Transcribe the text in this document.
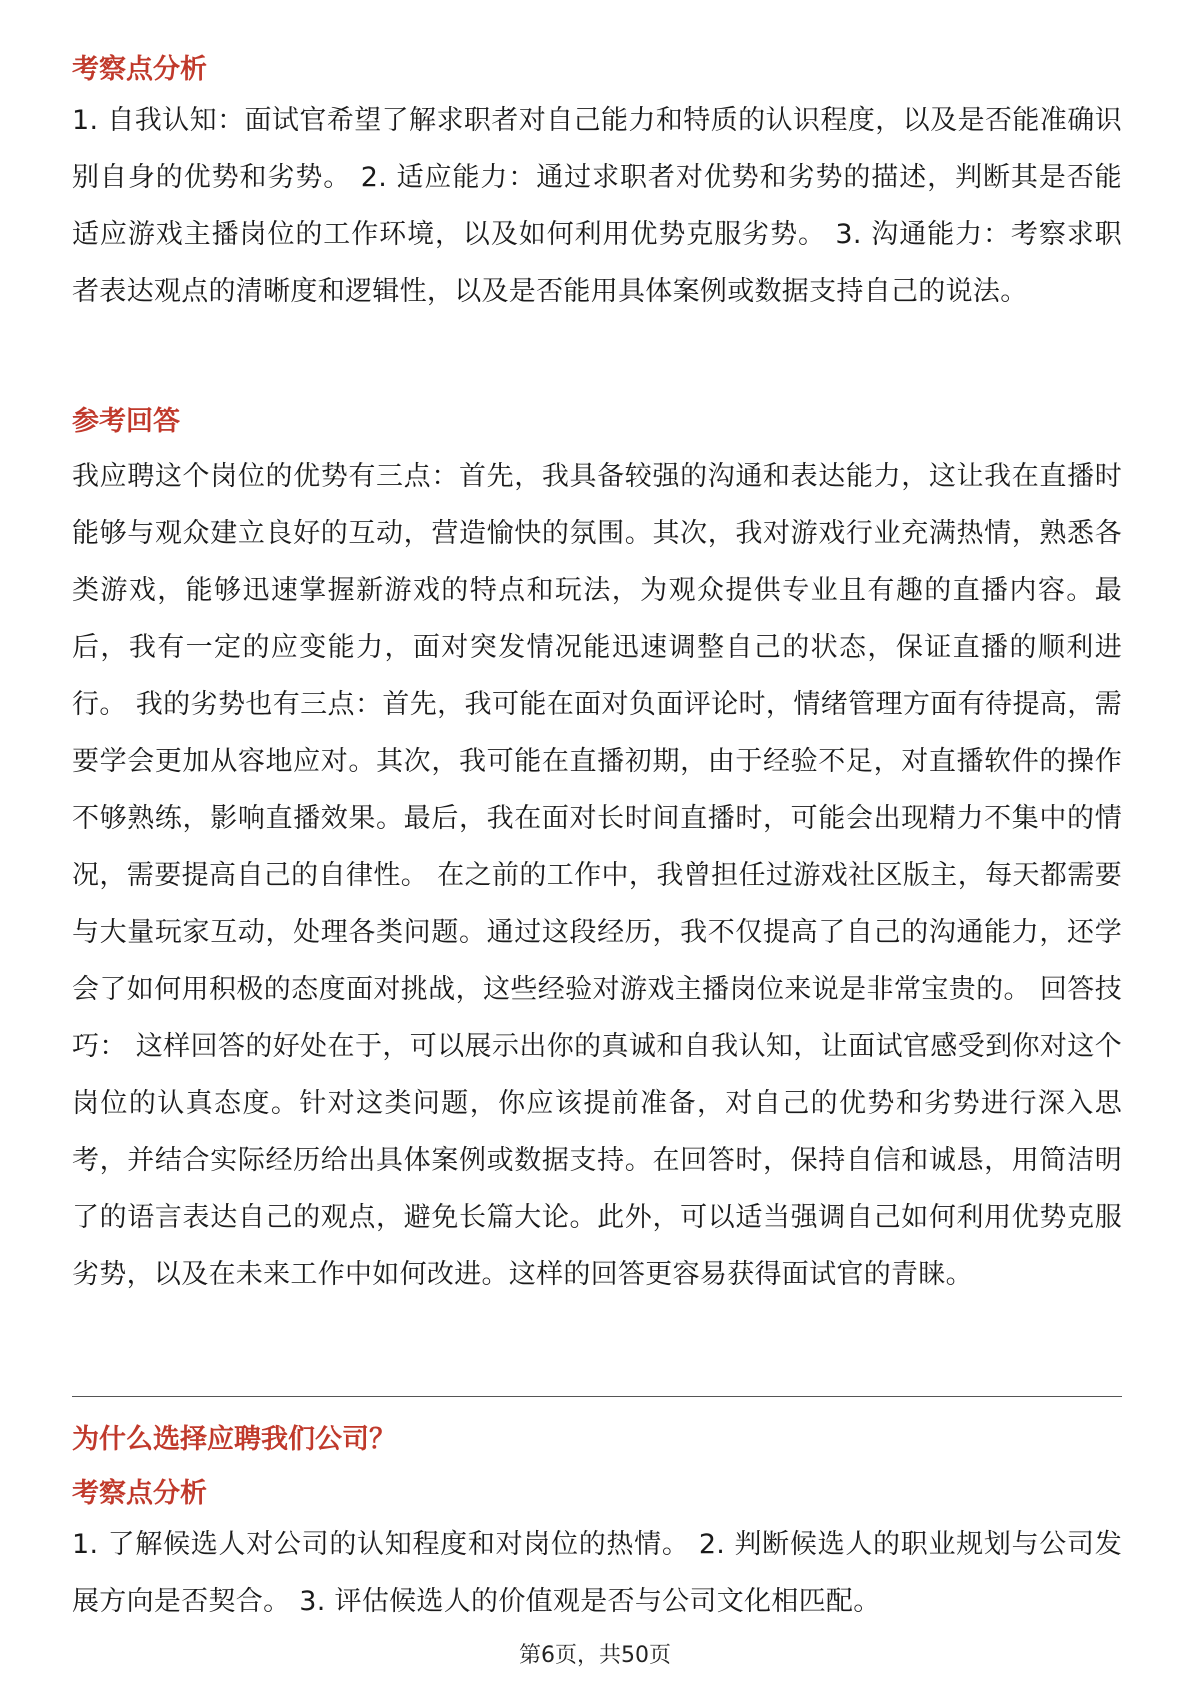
考察点分析

1. 自我认知：面试官希望了解求职者对自己能力和特质的认识程度，以及是否能准确识别自身的优势和劣势。 2. 适应能力：通过求职者对优势和劣势的描述，判断其是否能适应游戏主播岗位的工作环境，以及如何利用优势克服劣势。 3. 沟通能力：考察求职者表达观点的清晰度和逻辑性，以及是否能用具体案例或数据支持自己的说法。

参考回答

我应聘这个岗位的优势有三点：首先，我具备较强的沟通和表达能力，这让我在直播时能够与观众建立良好的互动，营造愉快的氛围。其次，我对游戏行业充满热情，熟悉各类游戏，能够迅速掌握新游戏的特点和玩法，为观众提供专业且有趣的直播内容。最后，我有一定的应变能力，面对突发情况能迅速调整自己的状态，保证直播的顺利进行。 我的劣势也有三点：首先，我可能在面对负面评论时，情绪管理方面有待提高，需要学会更加从容地应对。其次，我可能在直播初期，由于经验不足，对直播软件的操作不够熟练，影响直播效果。最后，我在面对长时间直播时，可能会出现精力不集中的情况，需要提高自己的自律性。 在之前的工作中，我曾担任过游戏社区版主，每天都需要与大量玩家互动，处理各类问题。通过这段经历，我不仅提高了自己的沟通能力，还学会了如何用积极的态度面对挑战，这些经验对游戏主播岗位来说是非常宝贵的。 回答技巧： 这样回答的好处在于，可以展示出你的真诚和自我认知，让面试官感受到你对这个岗位的认真态度。针对这类问题，你应该提前准备，对自己的优势和劣势进行深入思考，并结合实际经历给出具体案例或数据支持。在回答时，保持自信和诚恳，用简洁明了的语言表达自己的观点，避免长篇大论。此外，可以适当强调自己如何利用优势克服劣势，以及在未来工作中如何改进。这样的回答更容易获得面试官的青睐。

为什么选择应聘我们公司？
考察点分析

1. 了解候选人对公司的认知程度和对岗位的热情。 2. 判断候选人的职业规划与公司发展方向是否契合。 3. 评估候选人的价值观是否与公司文化相匹配。

第6页，共50页
